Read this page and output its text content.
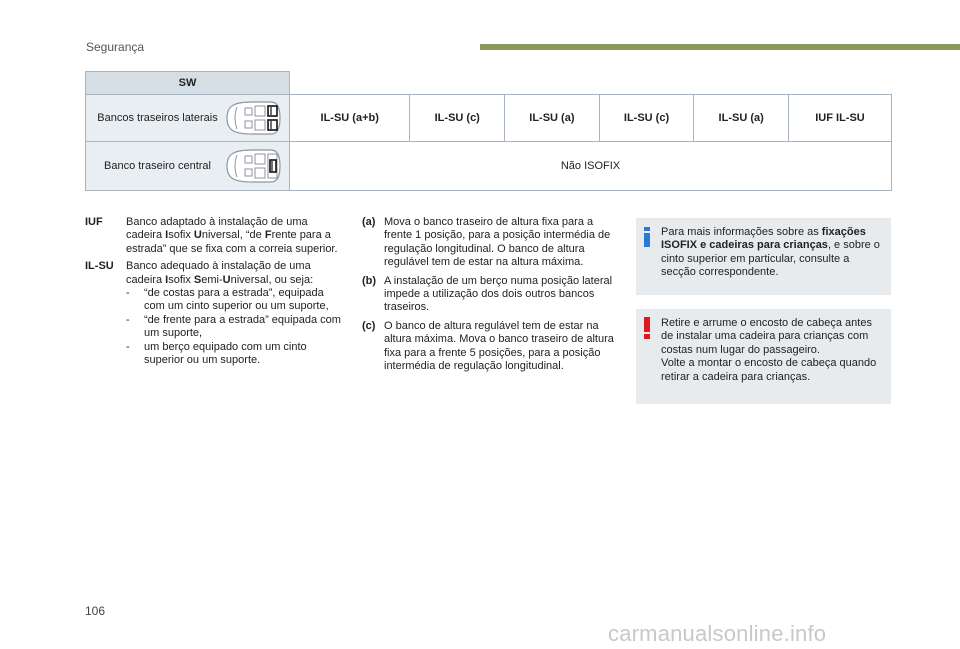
Segurança
SW						

Bancos traseiros laterais	IL-SU (a+b)	IL-SU (c)	IL-SU (a)	IL-SU (c)	IL-SU (a)	IUF IL-SU

Banco traseiro central	Não ISOFIX					
IUF	Banco adaptado à instalação de uma cadeira Isofix Universal, “de Frente para a estrada” que se fixa com a correia superior.
IL-SU	Banco adequado à instalação de uma cadeira Isofix Semi-Universal, ou seja:
-	“de costas para a estrada”, equipada com um cinto superior ou um suporte,
-	“de frente para a estrada” equipada com um suporte,
-	um berço equipado com um cinto superior ou um suporte.
(a) Mova o banco traseiro de altura fixa para a frente 1 posição, para a posição intermédia de regulação longitudinal. O banco de altura regulável tem de estar na altura máxima.
(b) A instalação de um berço numa posição lateral impede a utilização dos dois outros bancos traseiros.
(c) O banco de altura regulável tem de estar na altura máxima. Mova o banco traseiro de altura fixa para a frente 5 posições, para a posição intermédia de regulação longitudinal.
Para mais informações sobre as fixações ISOFIX e cadeiras para crianças, e sobre o cinto superior em particular, consulte a secção correspondente.
Retire e arrume o encosto de cabeça antes de instalar uma cadeira para crianças com costas num lugar do passageiro.
Volte a montar o encosto de cabeça quando retirar a cadeira para crianças.
106
carmanualsonline.info
